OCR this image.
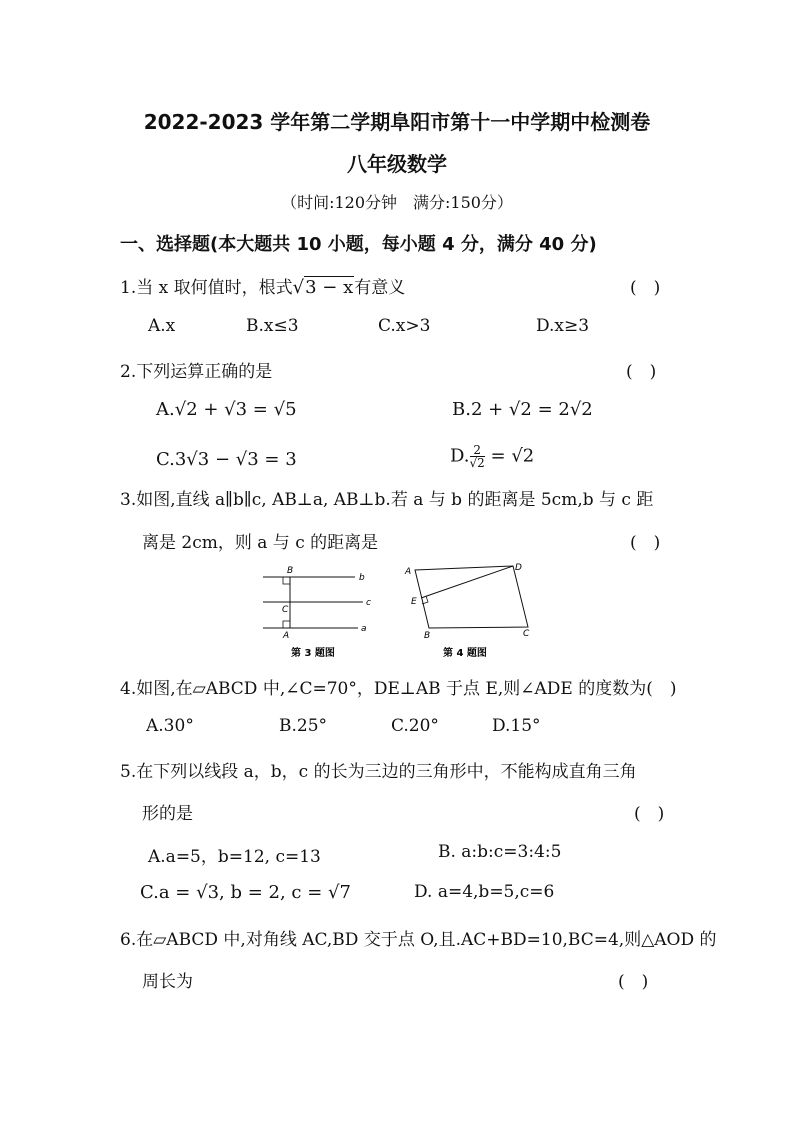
2022-2023 学年第二学期阜阳市第十一中学期中检测卷
八年级数学
（时间:120分钟　满分:150分）
一、选择题(本大题共 10 小题，每小题 4 分，满分 40 分)
1.当 x 取何值时，根式√3 − x有意义	(　)
A.x	B.x≤3	C.x>3	D.x≥3
2.下列运算正确的是	(　)
A.√2 + √3 = √5	B.2 + √2 = 2√2
C.3√3 − √3 = 3	D. $\frac{2}{√2} = √2$
3.如图,直线 a∥b∥c, AB⊥a, AB⊥b.若 a 与 b 的距离是 5cm,b 与 c 距
离是 2cm，则 a 与 c 的距离是	(　)
B
C
A
b
c
a
A	D
E
B	C
第 3 题图	第 4 题图
4.如图,在▱ABCD 中,∠C=70°，DE⊥AB 于点 E,则∠ADE 的度数为(　)
A.30°	B.25°	C.20°	D.15°
5.在下列以线段 a，b，c 的长为三边的三角形中，不能构成直角三角
形的是	(　)
A.a=5，b=12, c=13	B. a:b:c=3:4:5
C.a = √3, b = 2, c = √7	D. a=4,b=5,c=6
6.在▱ABCD 中,对角线 AC,BD 交于点 O,且.AC+BD=10,BC=4,则△AOD 的
周长为	(　)
